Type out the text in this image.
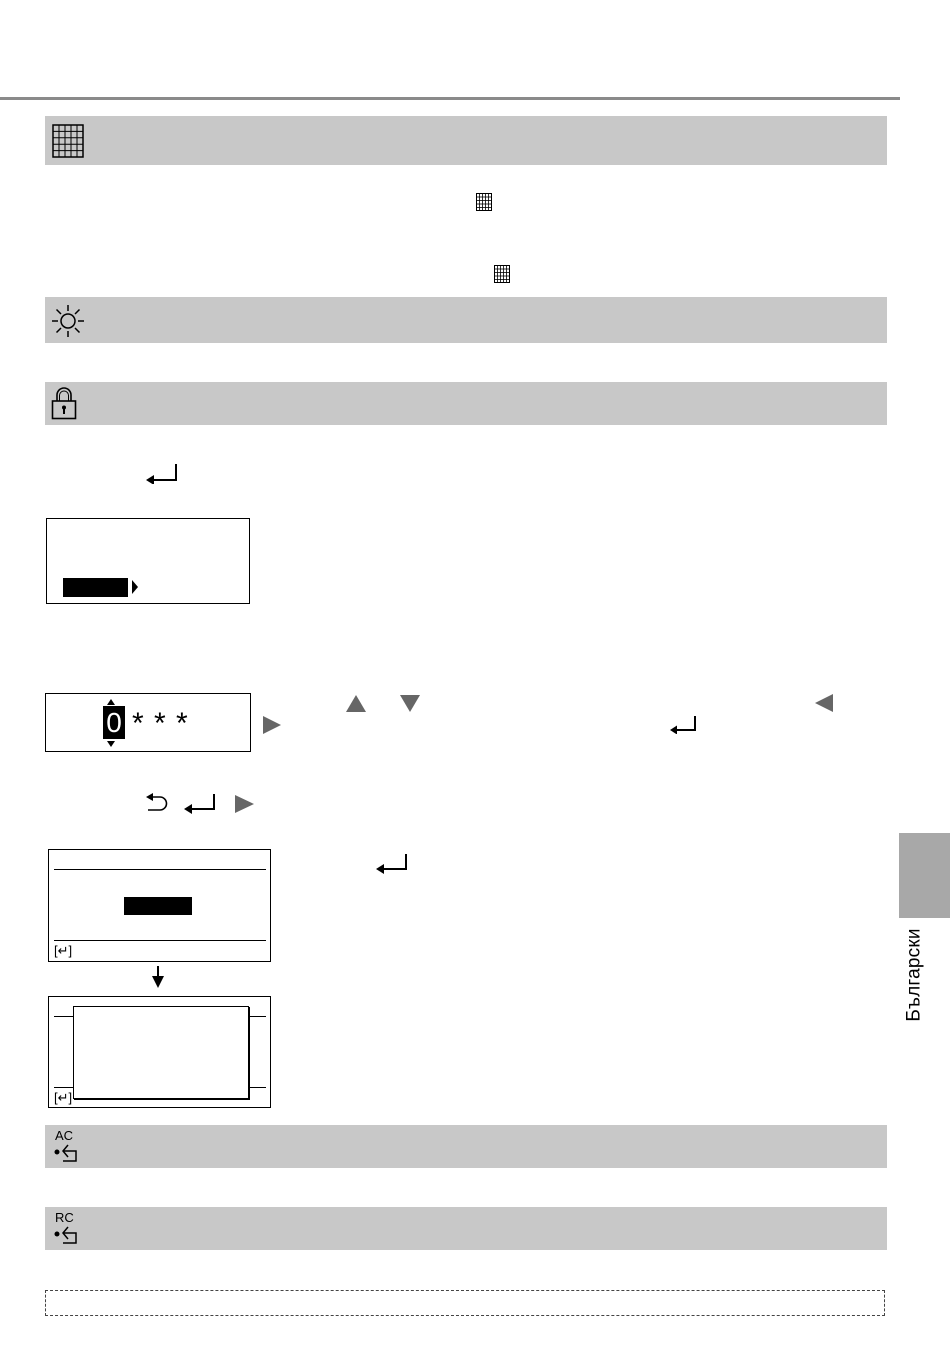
0 * * *
[↵]
[↵]
AC
RC
Български
